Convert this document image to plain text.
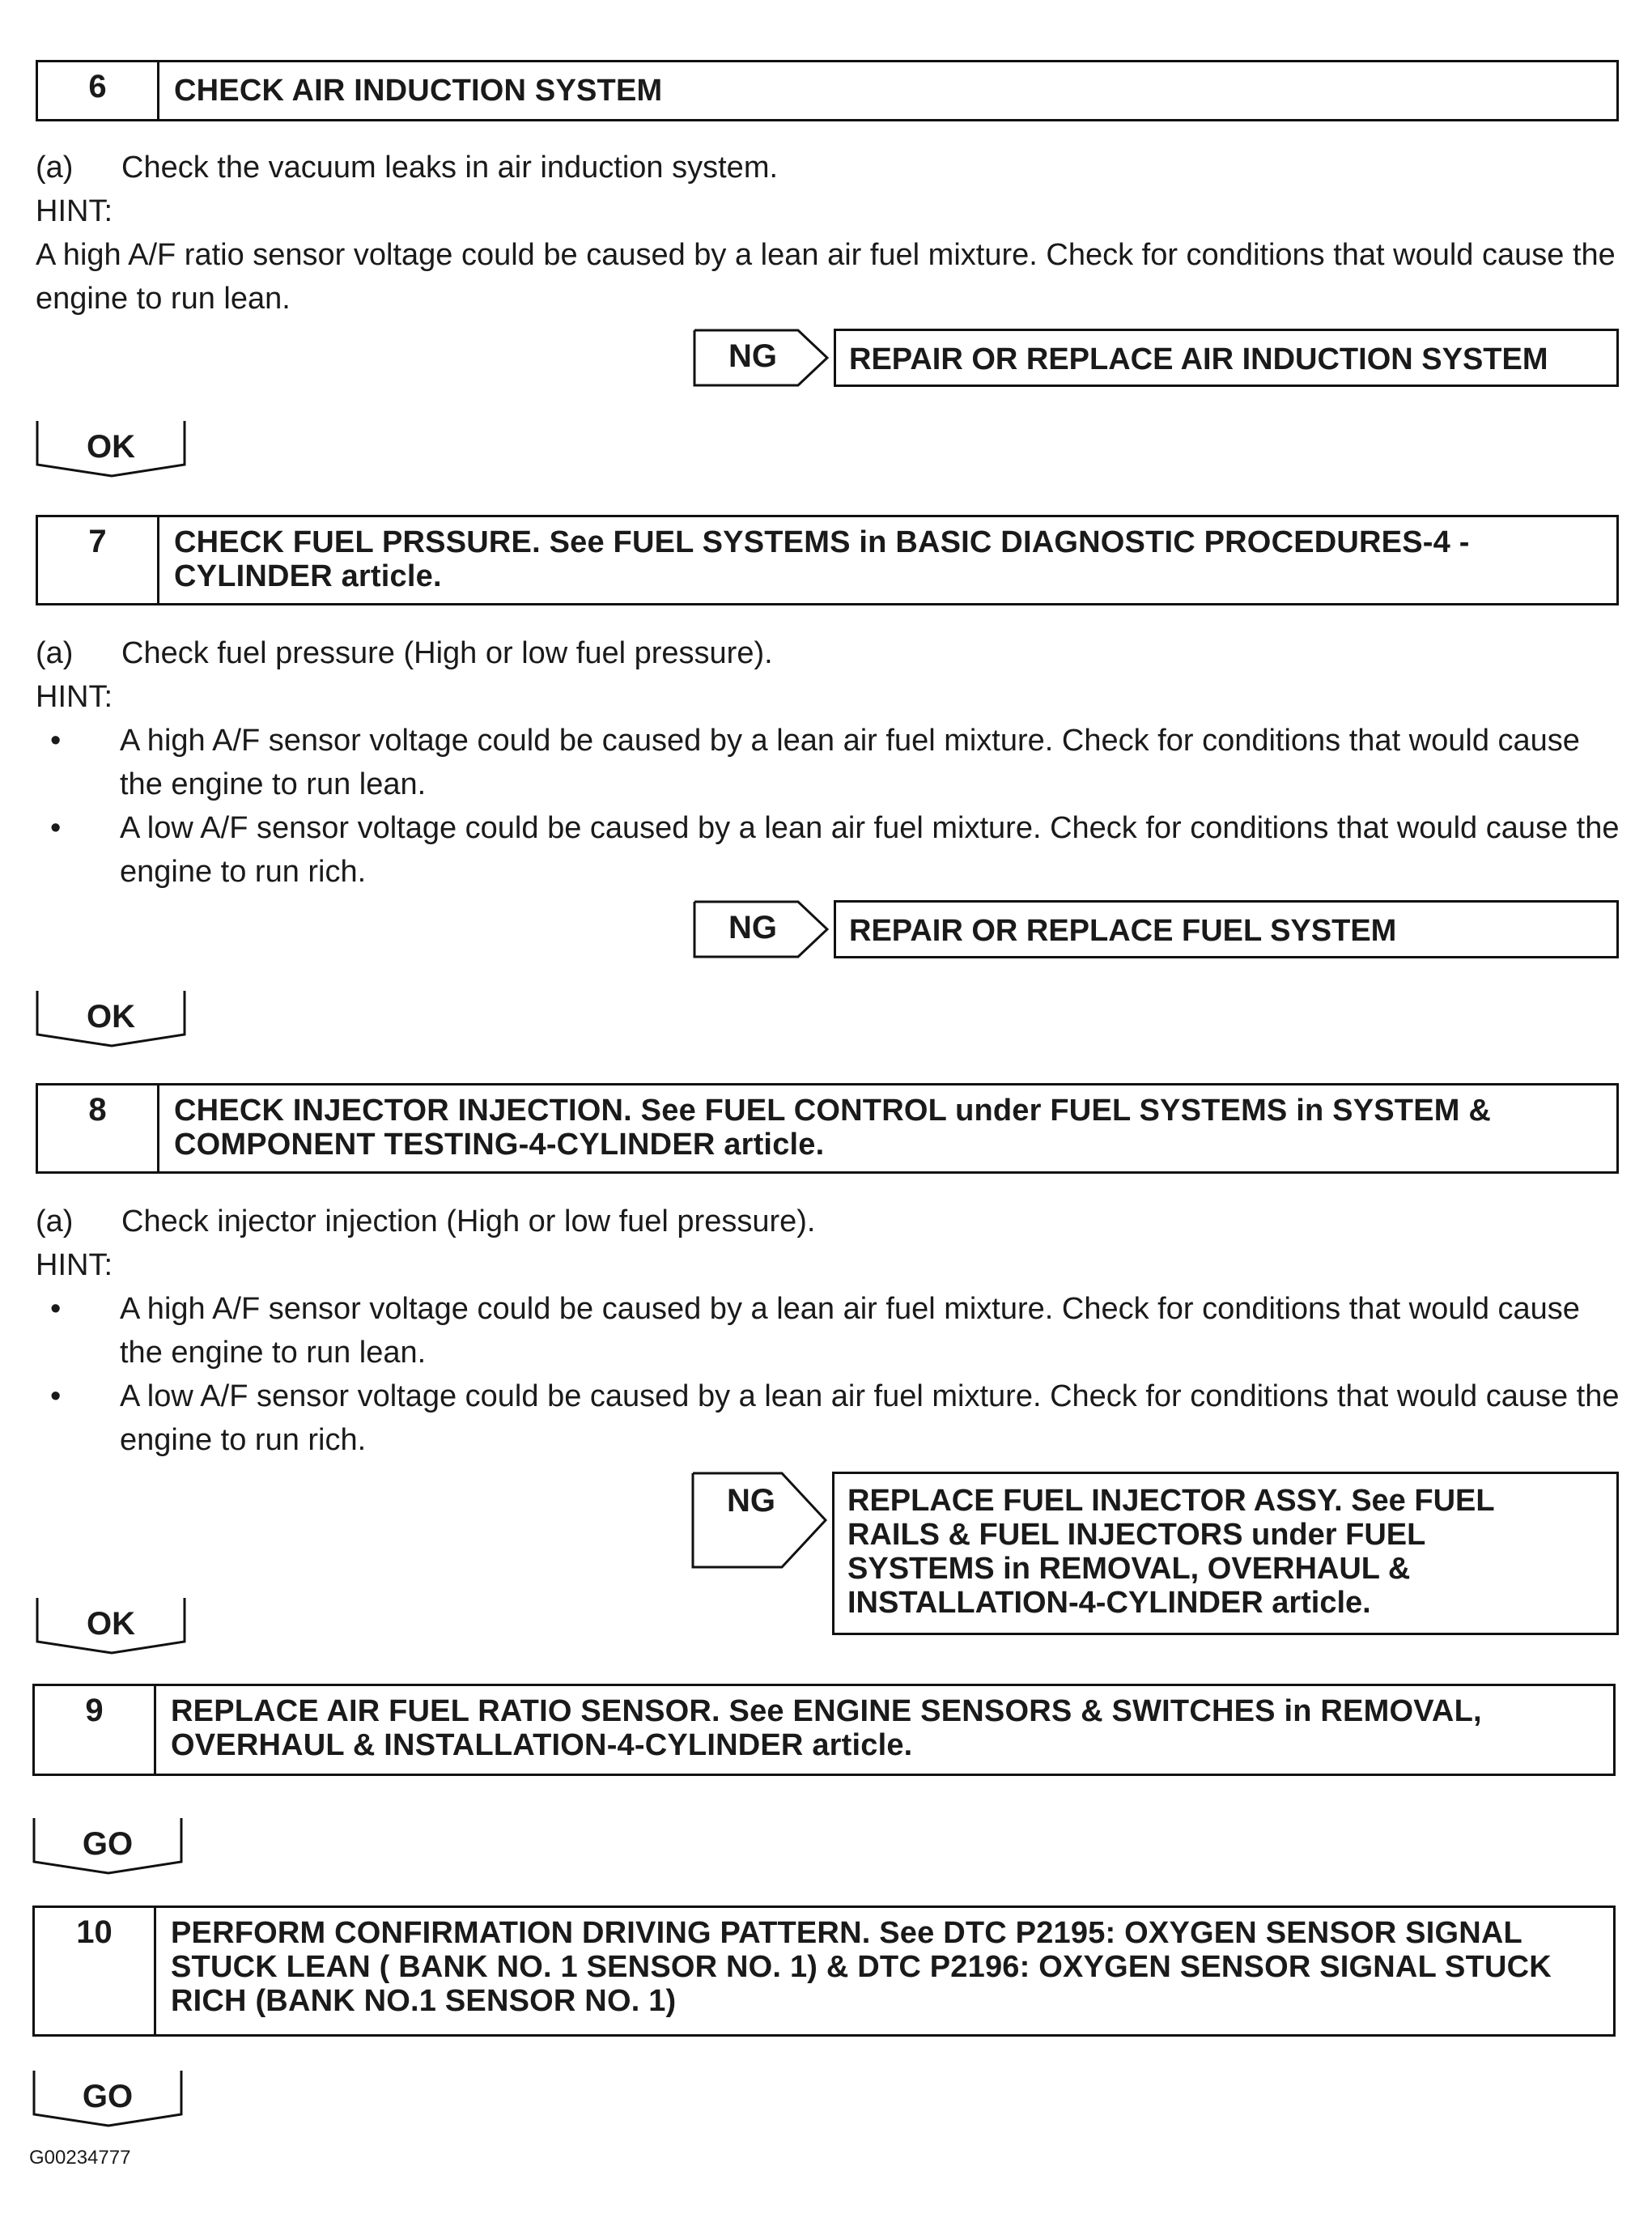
6	CHECK AIR INDUCTION SYSTEM
(a) Check the vacuum leaks in air induction system.
HINT:
A high A/F ratio sensor voltage could be caused by a lean air fuel mixture. Check for conditions that would cause the engine to run lean.
NG	REPAIR OR REPLACE AIR INDUCTION SYSTEM
OK
7	CHECK FUEL PRSSURE. See FUEL SYSTEMS in BASIC DIAGNOSTIC PROCEDURES-4 -CYLINDER article.
(a) Check fuel pressure (High or low fuel pressure).
HINT:
• A high A/F sensor voltage could be caused by a lean air fuel mixture. Check for conditions that would cause the engine to run lean.
• A low A/F sensor voltage could be caused by a lean air fuel mixture. Check for conditions that would cause the engine to run rich.
NG	REPAIR OR REPLACE FUEL SYSTEM
OK
8	CHECK INJECTOR INJECTION. See FUEL CONTROL under FUEL SYSTEMS in SYSTEM & COMPONENT TESTING-4-CYLINDER article.
(a) Check injector injection (High or low fuel pressure).
HINT:
• A high A/F sensor voltage could be caused by a lean air fuel mixture. Check for conditions that would cause the engine to run lean.
• A low A/F sensor voltage could be caused by a lean air fuel mixture. Check for conditions that would cause the engine to run rich.
NG	REPLACE FUEL INJECTOR ASSY. See FUEL RAILS & FUEL INJECTORS under FUEL SYSTEMS in REMOVAL, OVERHAUL & INSTALLATION-4-CYLINDER article.
OK
9	REPLACE AIR FUEL RATIO SENSOR. See ENGINE SENSORS & SWITCHES in REMOVAL, OVERHAUL & INSTALLATION-4-CYLINDER article.
GO
10	PERFORM CONFIRMATION DRIVING PATTERN. See DTC P2195: OXYGEN SENSOR SIGNAL STUCK LEAN ( BANK NO. 1 SENSOR NO. 1) & DTC P2196: OXYGEN SENSOR SIGNAL STUCK RICH (BANK NO.1 SENSOR NO. 1)
GO
G00234777
